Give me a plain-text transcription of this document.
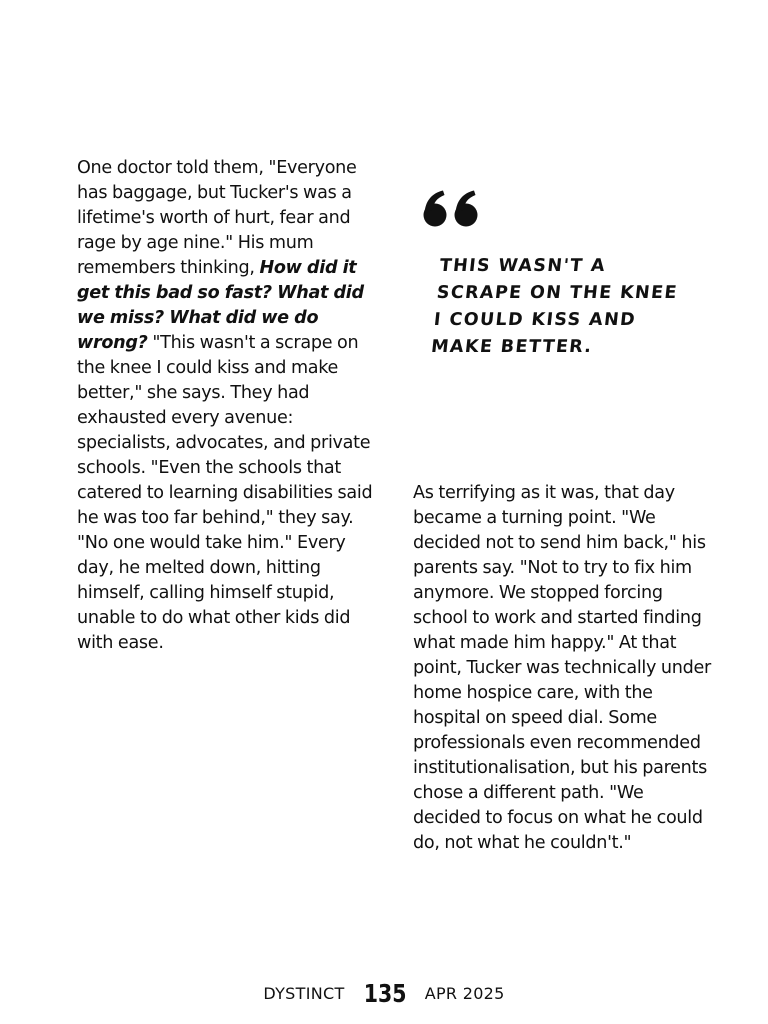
One doctor told them, "Everyone has baggage, but Tucker's was a lifetime's worth of hurt, fear and rage by age nine." His mum remembers thinking, How did it get this bad so fast? What did we miss? What did we do wrong? "This wasn't a scrape on the knee I could kiss and make better," she says. They had exhausted every avenue: specialists, advocates, and private schools. "Even the schools that catered to learning disabilities said he was too far behind," they say. "No one would take him." Every day, he melted down, hitting himself, calling himself stupid, unable to do what other kids did with ease.

THIS WASN'T A
SCRAPE ON THE KNEE
I COULD KISS AND
MAKE BETTER.

As terrifying as it was, that day became a turning point. "We decided not to send him back," his parents say. "Not to try to fix him anymore. We stopped forcing school to work and started finding what made him happy." At that point, Tucker was technically under home hospice care, with the hospital on speed dial. Some professionals even recommended institutionalisation, but his parents chose a different path. "We decided to focus on what he could do, not what he couldn't."

DYSTINCT 135 APR 2025
